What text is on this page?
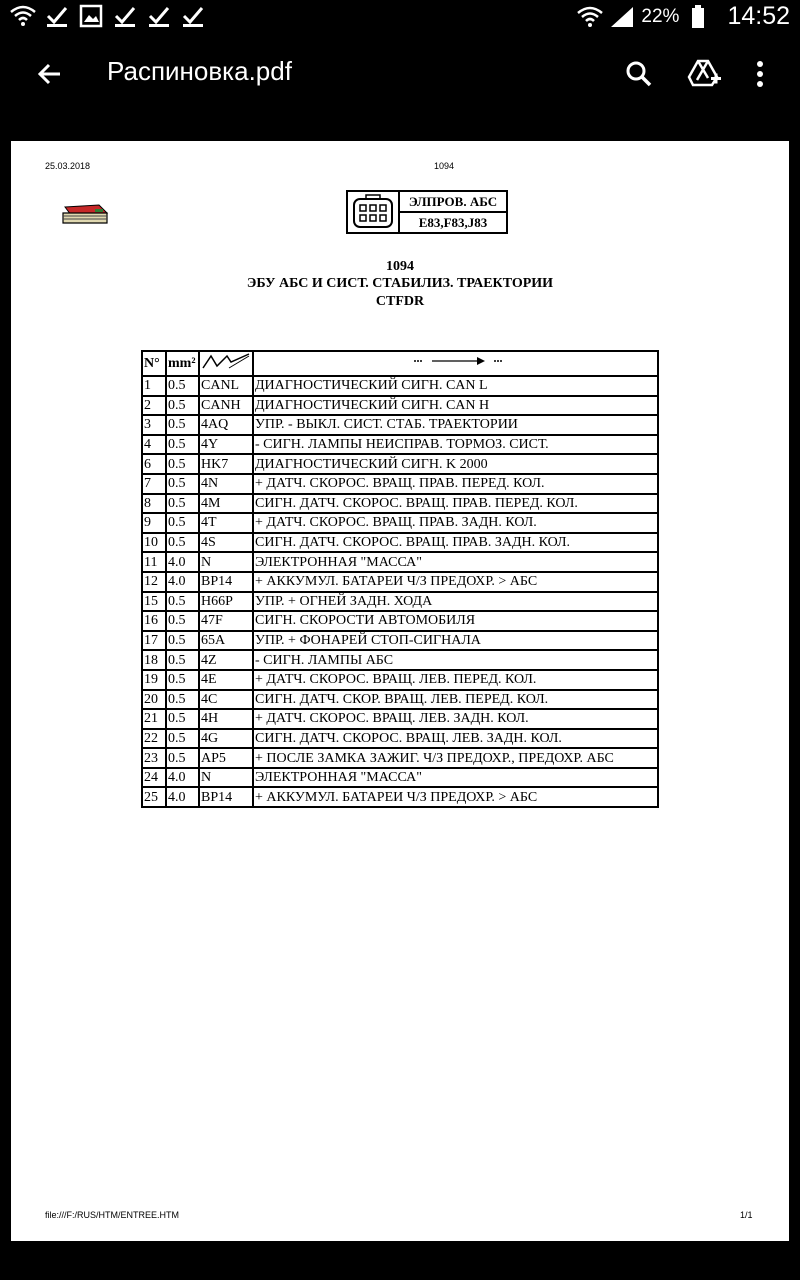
22% 14:52
Распиновка.pdf
25.03.2018	1094
ЭЛПРОВ. АБС
E83,F83,J83
1094
ЭБУ АБС И СИСТ. СТАБИЛИЗ. ТРАЕКТОРИИ
CTFDR
N°	mm²		
1	0.5	CANL	ДИАГНОСТИЧЕСКИЙ СИГН. CAN L
2	0.5	CANH	ДИАГНОСТИЧЕСКИЙ СИГН. CAN H
3	0.5	4AQ	УПР. - ВЫКЛ. СИСТ. СТАБ. ТРАЕКТОРИИ
4	0.5	4Y	- СИГН. ЛАМПЫ НЕИСПРАВ. ТОРМОЗ. СИСТ.
6	0.5	HK7	ДИАГНОСТИЧЕСКИЙ СИГН. K 2000
7	0.5	4N	+ ДАТЧ. СКОРОС. ВРАЩ. ПРАВ. ПЕРЕД. КОЛ.
8	0.5	4M	СИГН. ДАТЧ. СКОРОС. ВРАЩ. ПРАВ. ПЕРЕД. КОЛ.
9	0.5	4T	+ ДАТЧ. СКОРОС. ВРАЩ. ПРАВ. ЗАДН. КОЛ.
10	0.5	4S	СИГН. ДАТЧ. СКОРОС. ВРАЩ. ПРАВ. ЗАДН. КОЛ.
11	4.0	N	ЭЛЕКТРОННАЯ "МАССА"
12	4.0	BP14	+ АККУМУЛ. БАТАРЕИ Ч/З ПРЕДОХР. > АБС
15	0.5	H66P	УПР. + ОГНЕЙ ЗАДН. ХОДА
16	0.5	47F	СИГН. СКОРОСТИ АВТОМОБИЛЯ
17	0.5	65A	УПР. + ФОНАРЕЙ СТОП-СИГНАЛА
18	0.5	4Z	- СИГН. ЛАМПЫ АБС
19	0.5	4E	+ ДАТЧ. СКОРОС. ВРАЩ. ЛЕВ. ПЕРЕД. КОЛ.
20	0.5	4C	СИГН. ДАТЧ. СКОР. ВРАЩ. ЛЕВ. ПЕРЕД. КОЛ.
21	0.5	4H	+ ДАТЧ. СКОРОС. ВРАЩ. ЛЕВ. ЗАДН. КОЛ.
22	0.5	4G	СИГН. ДАТЧ. СКОРОС. ВРАЩ. ЛЕВ. ЗАДН. КОЛ.
23	0.5	AP5	+ ПОСЛЕ ЗАМКА ЗАЖИГ. Ч/З ПРЕДОХР., ПРЕДОХР. АБС
24	4.0	N	ЭЛЕКТРОННАЯ "МАССА"
25	4.0	BP14	+ АККУМУЛ. БАТАРЕИ Ч/З ПРЕДОХР. > АБС
file:///F:/RUS/HTM/ENTREE.HTM	1/1
